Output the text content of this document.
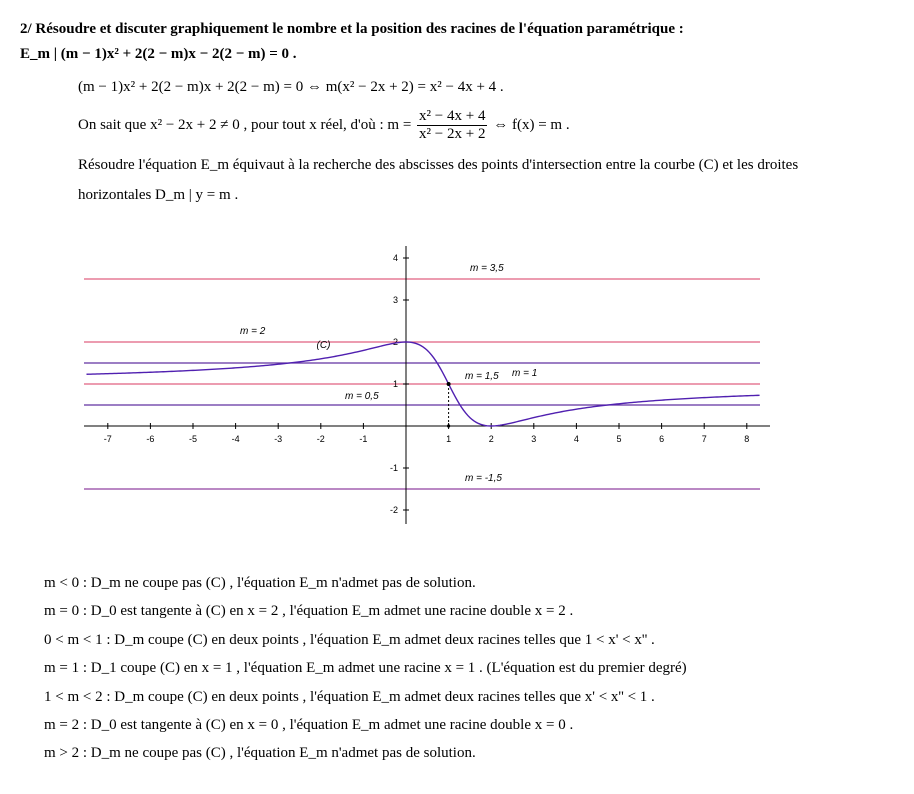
2/ Résoudre et discuter graphiquement le nombre et la position des racines de l'équation paramétrique :
E_m | (m − 1)x² + 2(2 − m)x − 2(2 − m) = 0 .
(m − 1)x² + 2(2 − m)x + 2(2 − m) = 0 ⇔ m(x² − 2x + 2) = x² − 4x + 4 .
On sait que x² − 2x + 2 ≠ 0 , pour tout x réel, d'où : $m = \frac{\text{x² − 4x + 4}}{\text{x² − 2x + 2}}$ ⇔ f(x) = m .
Résoudre l'équation E_m équivaut à la recherche des abscisses des points d'intersection entre la courbe (C) et les droites
horizontales D_m | y = m .
-7	-6	-5	-4	-3	-2	-1	1	2	3	4	5	6	7	8
-2
-1
1
2
3
4
m = 3,5
m = 2
m = 1,5 m = 1
m = 0,5
m = -1,5
(C)
m < 0 : D_m ne coupe pas (C) , l'équation E_m n'admet pas de solution.
m = 0 : D_0 est tangente à (C) en x = 2 , l'équation E_m admet une racine double x = 2 .
0 < m < 1 : D_m coupe (C) en deux points , l'équation E_m admet deux racines telles que 1 < x' < x'' .
m = 1 : D_1 coupe (C) en x = 1 , l'équation E_m admet une racine x = 1 . (L'équation est du premier degré)
1 < m < 2 : D_m coupe (C) en deux points , l'équation E_m admet deux racines telles que x' < x'' < 1 .
m = 2 : D_0 est tangente à (C) en x = 0 , l'équation E_m admet une racine double x = 0 .
m > 2 : D_m ne coupe pas (C) , l'équation E_m n'admet pas de solution.
